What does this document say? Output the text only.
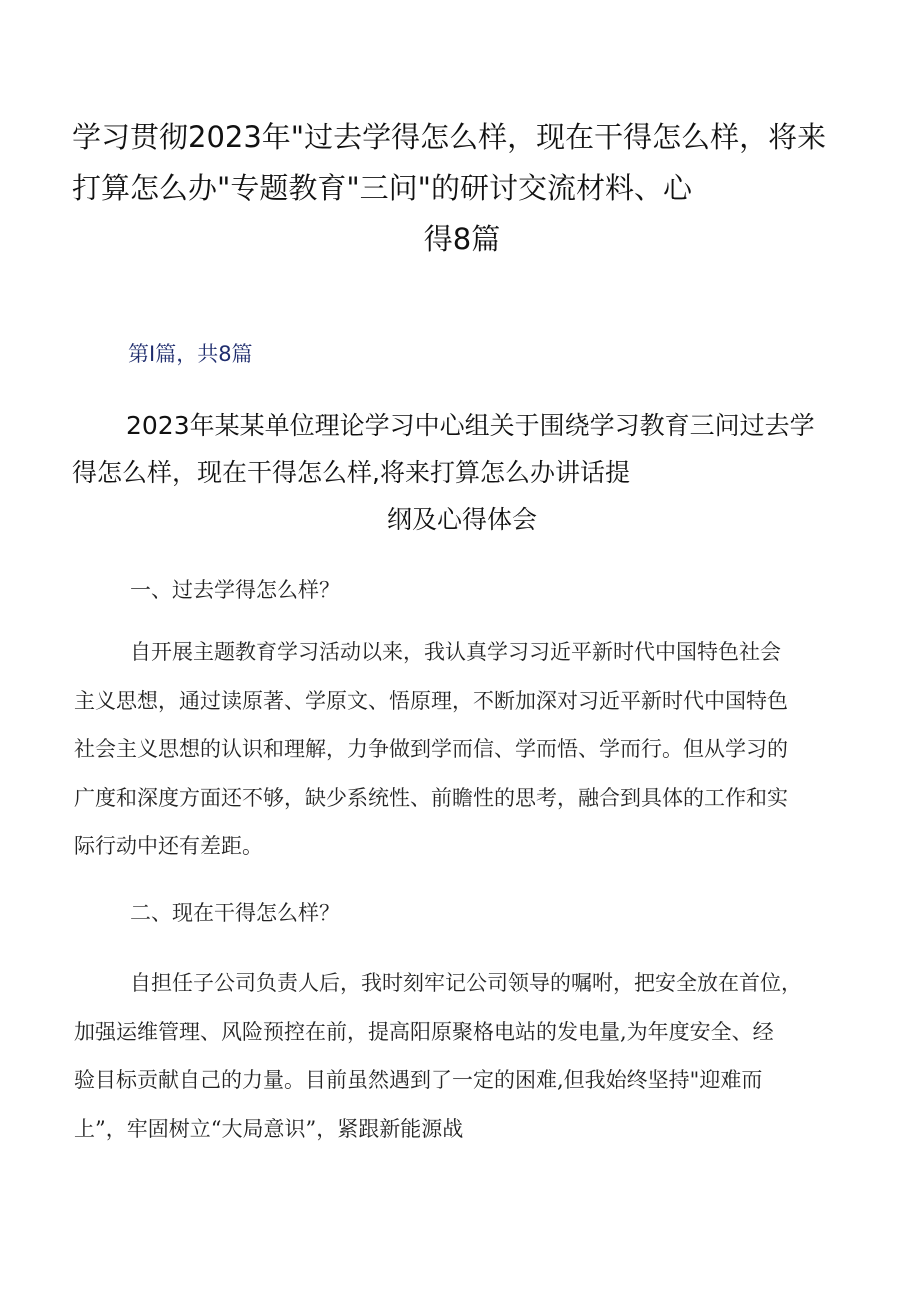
学习贯彻2023年"过去学得怎么样，现在干得怎么样，将来
打算怎么办"专题教育"三问"的研讨交流材料、心
得8篇
第I篇，共8篇
2023年某某单位理论学习中心组关于围绕学习教育三问过去学
得怎么样，现在干得怎么样,将来打算怎么办讲话提
纲及心得体会
一、过去学得怎么样？
自开展主题教育学习活动以来，我认真学习习近平新时代中国特色社会
主义思想，通过读原著、学原文、悟原理，不断加深对习近平新时代中国特色
社会主义思想的认识和理解，力争做到学而信、学而悟、学而行。但从学习的
广度和深度方面还不够，缺少系统性、前瞻性的思考，融合到具体的工作和实
际行动中还有差距。
二、现在干得怎么样？
自担任子公司负责人后，我时刻牢记公司领导的嘱咐，把安全放在首位，
加强运维管理、风险预控在前，提高阳原聚格电站的发电量,为年度安全、经
验目标贡献自己的力量。目前虽然遇到了一定的困难,但我始终坚持"迎难而
上”，牢固树立“大局意识”，紧跟新能源战
